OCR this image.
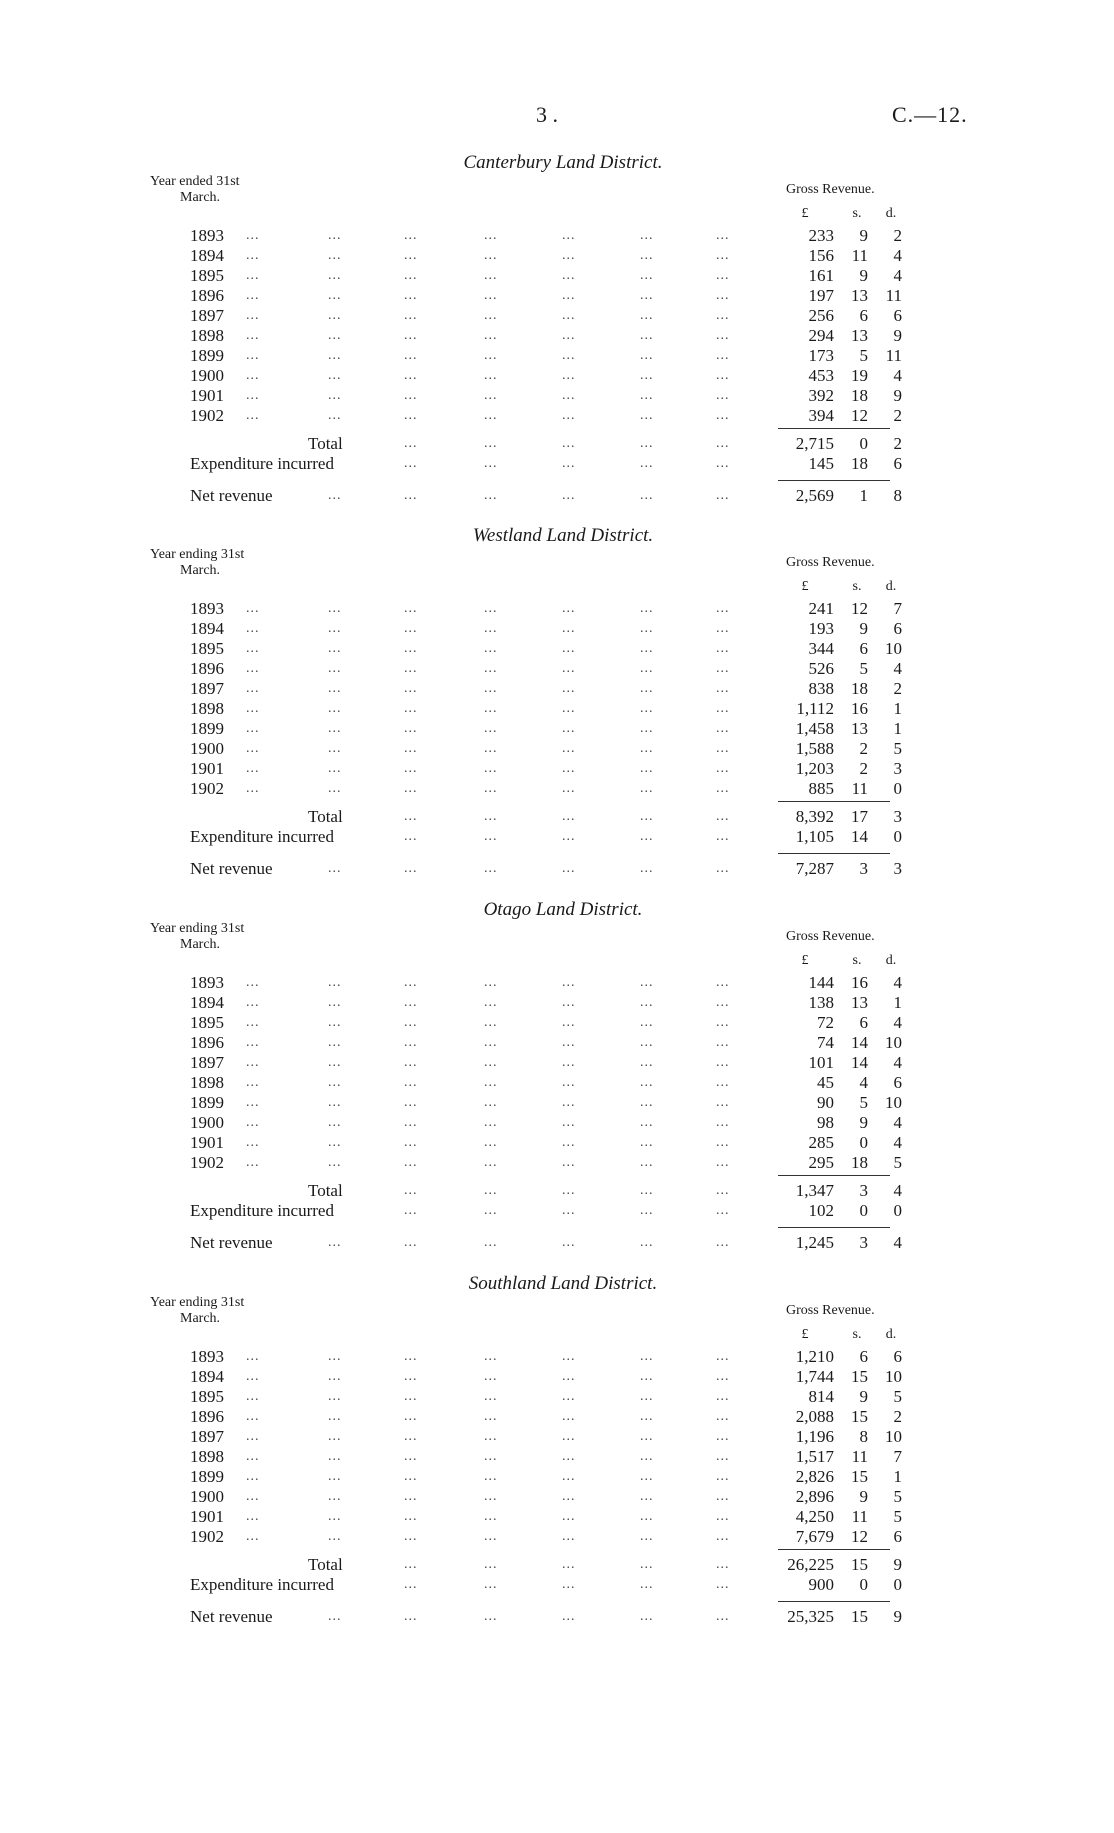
3 .	C.—12.
Canterbury Land District.
Year ended 31st
March.
Gross Revenue.
£	s.	d.
1893 ...	...	...	...	...	...	...	233	9	2
1894 ...	...	...	...	...	...	...	156	11	4
1895 ...	...	...	...	...	...	...	161	9	4
1896 ...	...	...	...	...	...	...	197	13	11
1897 ...	...	...	...	...	...	...	256	6	6
1898 ...	...	...	...	...	...	...	294	13	9
1899 ...	...	...	...	...	...	...	173	5	11
1900 ...	...	...	...	...	...	...	453	19	4
1901 ...	...	...	...	...	...	...	392	18	9
1902 ...	...	...	...	...	...	...	394	12	2
Total	...	...	...	...	...	2,715	0	2
Expenditure incurred	...	...	...	...	...	145	18	6
Net revenue	...	...	...	...	...	...	2,569	1	8
Westland Land District.
Year ending 31st
March.
Gross Revenue.
£	s.	d.
1893 ...	...	...	...	...	...	...	241	12	7
1894 ...	...	...	...	...	...	...	193	9	6
1895 ...	...	...	...	...	...	...	344	6	10
1896 ...	...	...	...	...	...	...	526	5	4
1897 ...	...	...	...	...	...	...	838	18	2
1898 ...	...	...	...	...	...	...	1,112	16	1
1899 ...	...	...	...	...	...	...	1,458	13	1
1900 ...	...	...	...	...	...	...	1,588	2	5
1901 ...	...	...	...	...	...	...	1,203	2	3
1902 ...	...	...	...	...	...	...	885	11	0
Total	...	...	...	...	...	8,392	17	3
Expenditure incurred	...	...	...	...	...	1,105	14	0
Net revenue	...	...	...	...	...	...	7,287	3	3
Otago Land District.
Year ending 31st
March.
Gross Revenue.
£	s.	d.
1893 ...	...	...	...	...	...	...	144	16	4
1894 ...	...	...	...	...	...	...	138	13	1
1895 ...	...	...	...	...	...	...	72	6	4
1896 ...	...	...	...	...	...	...	74	14	10
1897 ...	...	...	...	...	...	...	101	14	4
1898 ...	...	...	...	...	...	...	45	4	6
1899 ...	...	...	...	...	...	...	90	5	10
1900 ...	...	...	...	...	...	...	98	9	4
1901 ...	...	...	...	...	...	...	285	0	4
1902 ...	...	...	...	...	...	...	295	18	5
Total	...	...	...	...	...	1,347	3	4
Expenditure incurred	...	...	...	...	...	102	0	0
Net revenue	...	...	...	...	...	...	1,245	3	4
Southland Land District.
Year ending 31st
March.
Gross Revenue.
£	s.	d.
1893 ...	...	...	...	...	...	...	1,210	6	6
1894 ...	...	...	...	...	...	...	1,744	15	10
1895 ...	...	...	...	...	...	...	814	9	5
1896 ...	...	...	...	...	...	...	2,088	15	2
1897 ...	...	...	...	...	...	...	1,196	8	10
1898 ...	...	...	...	...	...	...	1,517	11	7
1899 ...	...	...	...	...	...	...	2,826	15	1
1900 ...	...	...	...	...	...	...	2,896	9	5
1901 ...	...	...	...	...	...	...	4,250	11	5
1902 ...	...	...	...	...	...	...	7,679	12	6
Total	...	...	...	...	...	26,225	15	9
Expenditure incurred	...	...	...	...	...	900	0	0
Net revenue	...	...	...	...	...	...	25,325	15	9
